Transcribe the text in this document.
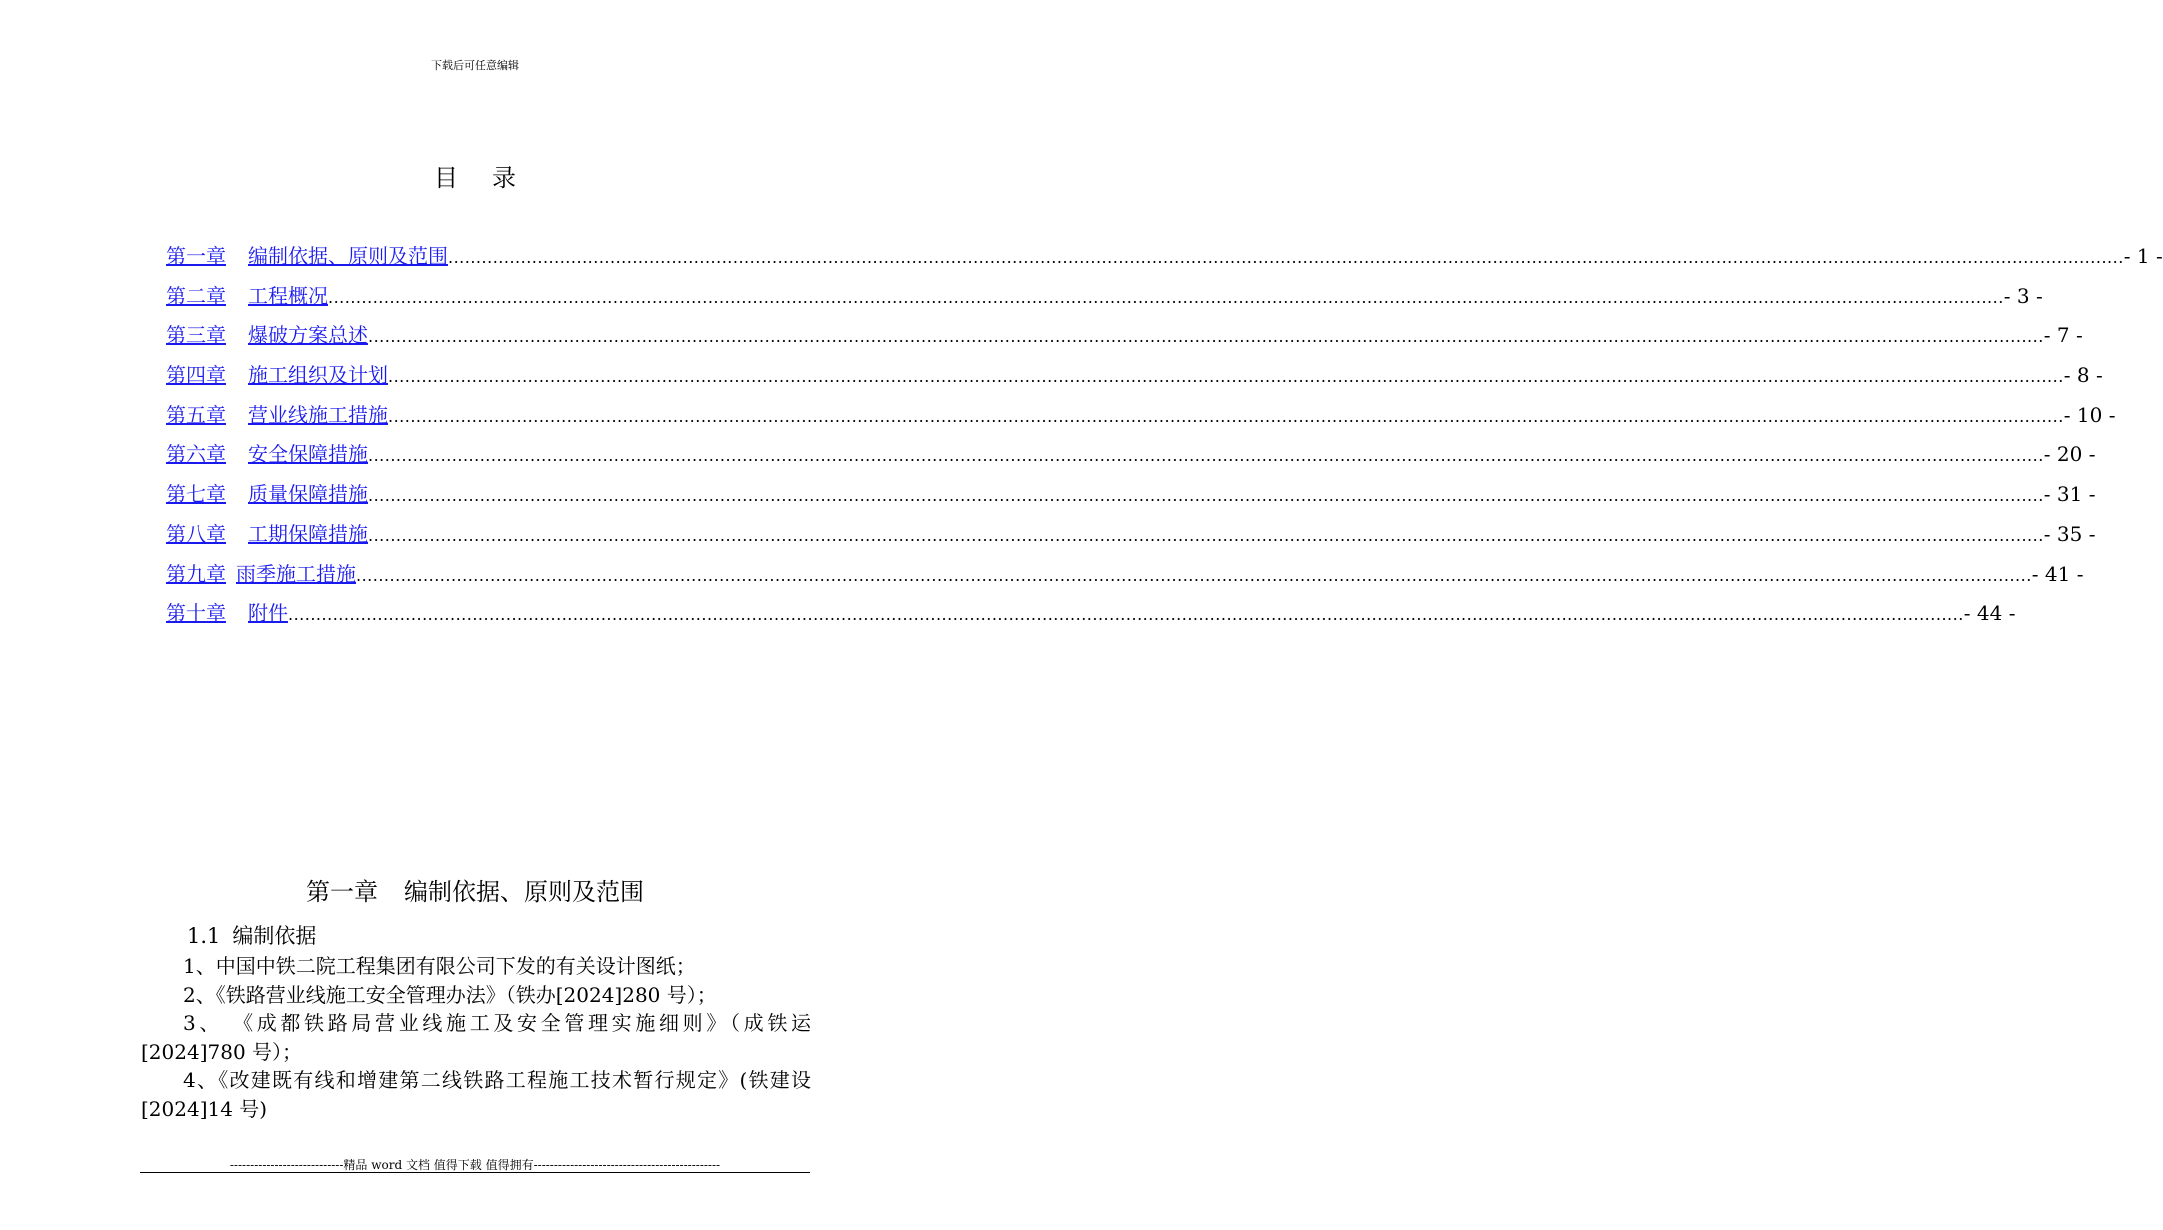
下载后可任意编辑
目录
第一章 编制依据、原则及范围 ............................................................................................................................................................................................................................................................................................................ - 1 -
第二章 工程概况 ............................................................................................................................................................................................................................................................................................................ - 3 -
第三章 爆破方案总述 ............................................................................................................................................................................................................................................................................................................ - 7 -
第四章 施工组织及计划 ............................................................................................................................................................................................................................................................................................................ - 8 -
第五章 营业线施工措施 ............................................................................................................................................................................................................................................................................................................ - 10 -
第六章 安全保障措施 ............................................................................................................................................................................................................................................................................................................ - 20 -
第七章 质量保障措施 ............................................................................................................................................................................................................................................................................................................ - 31 -
第八章 工期保障措施 ............................................................................................................................................................................................................................................................................................................ - 35 -
第九章 雨季施工措施 ............................................................................................................................................................................................................................................................................................................ - 41 -
第十章 附件 ............................................................................................................................................................................................................................................................................................................ - 44 -
第一章 编制依据、原则及范围
1.1 编制依据

1、中国中铁二院工程集团有限公司下发的有关设计图纸；

2、《铁路营业线施工安全管理办法》（铁办[2024]280 号）；

3、 《成都铁路局营业线施工及安全管理实施细则》（成铁运[2024]780 号）；

4、《改建既有线和增建第二线铁路工程施工技术暂行规定》(铁建设[2024]14 号)

----------------------------精品 word 文档 值得下载 值得拥有----------------------------------------------
